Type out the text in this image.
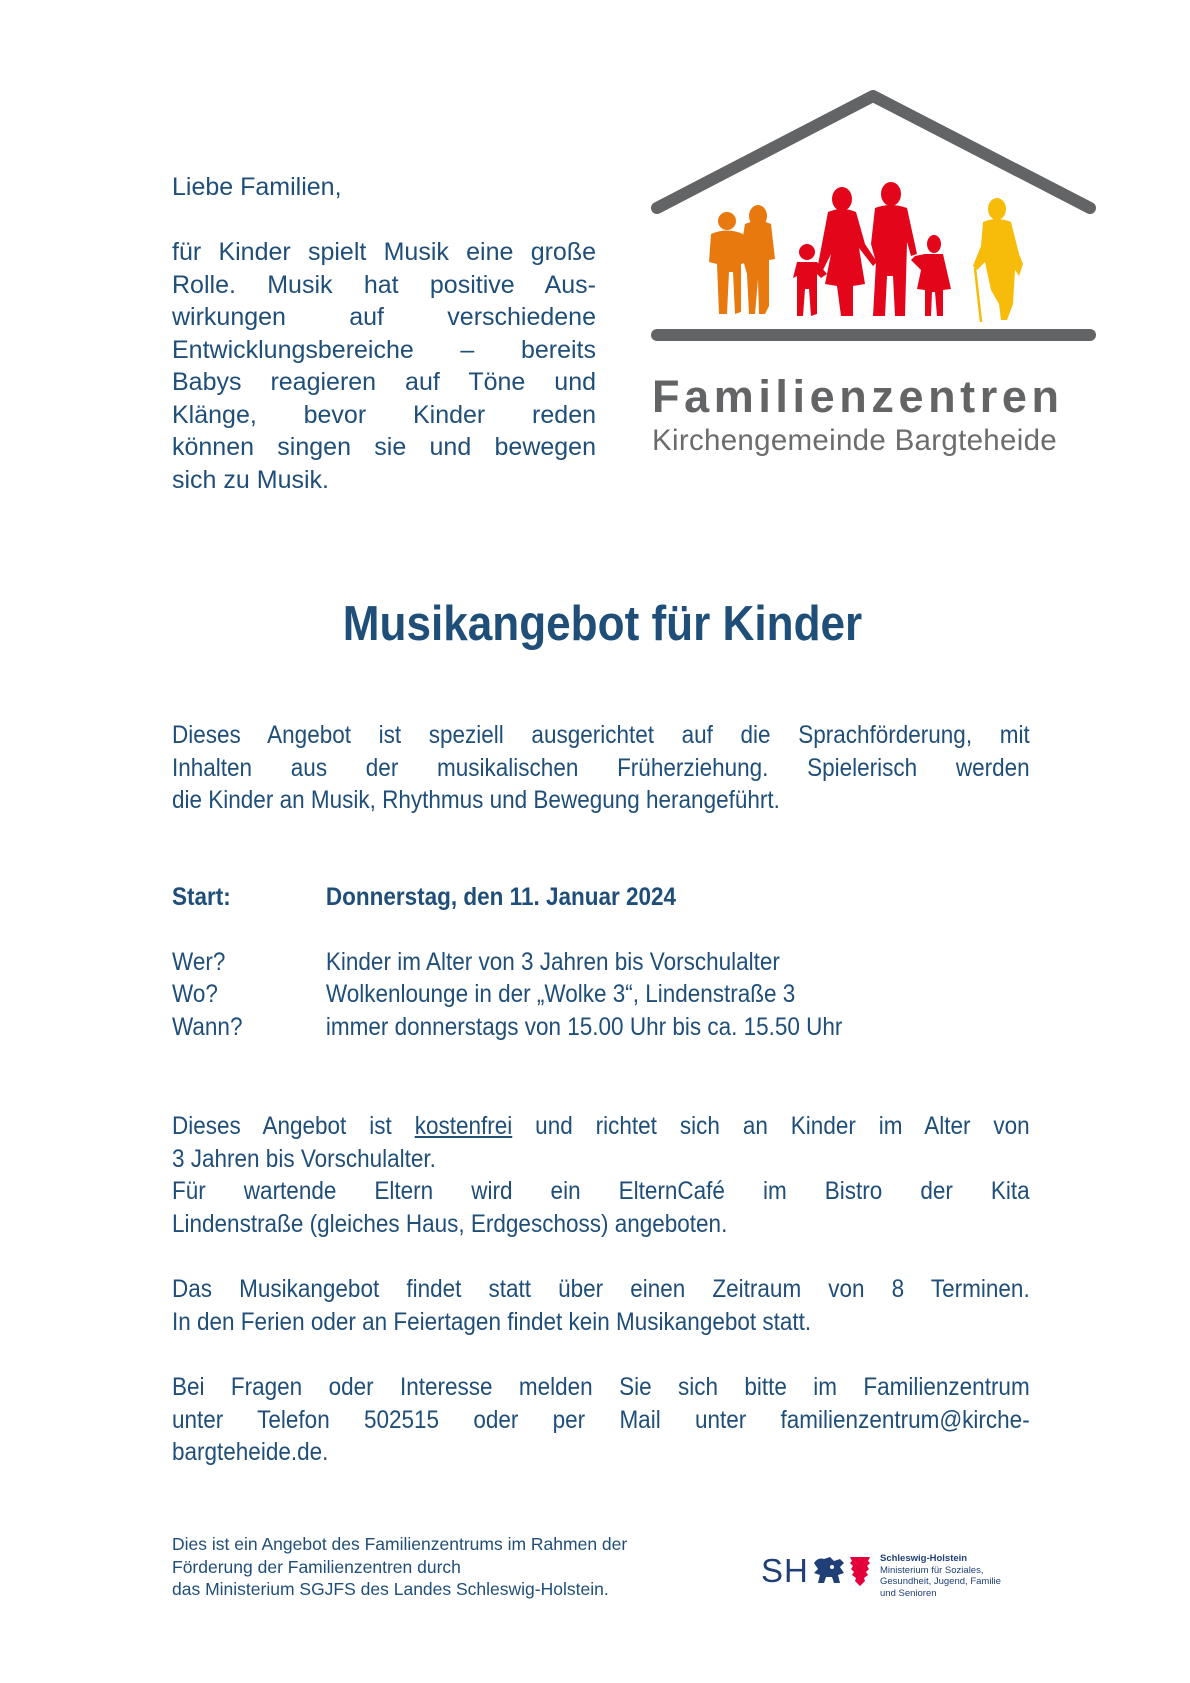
Liebe Familien,
für Kinder spielt Musik eine große
Rolle. Musik hat positive Aus-
wirkungen auf verschiedene
Entwicklungsbereiche – bereits
Babys reagieren auf Töne und
Klänge, bevor Kinder reden
können singen sie und bewegen
sich zu Musik.
Familienzentren
Kirchengemeinde Bargteheide
Musikangebot für Kinder
Dieses Angebot ist speziell ausgerichtet auf die Sprachförderung, mit
Inhalten aus der musikalischen Früherziehung. Spielerisch werden
die Kinder an Musik, Rhythmus und Bewegung herangeführt.
Start:	Donnerstag, den 11. Januar 2024
Wer?	Kinder im Alter von 3 Jahren bis Vorschulalter
Wo?	Wolkenlounge in der „Wolke 3“, Lindenstraße 3
Wann?	immer donnerstags von 15.00 Uhr bis ca. 15.50 Uhr
Dieses Angebot ist kostenfrei und richtet sich an Kinder im Alter von
3 Jahren bis Vorschulalter.
Für wartende Eltern wird ein ElternCafé im Bistro der Kita
Lindenstraße (gleiches Haus, Erdgeschoss) angeboten.
Das Musikangebot findet statt über einen Zeitraum von 8 Terminen.
In den Ferien oder an Feiertagen findet kein Musikangebot statt.
Bei Fragen oder Interesse melden Sie sich bitte im Familienzentrum
unter Telefon 502515 oder per Mail unter familienzentrum@kirche-
bargteheide.de.
Dies ist ein Angebot des Familienzentrums im Rahmen der
Förderung der Familienzentren durch
das Ministerium SGJFS des Landes Schleswig-Holstein.	SH	Schleswig-Holstein
Ministerium für Soziales,
Gesundheit, Jugend, Familie
und Senioren
